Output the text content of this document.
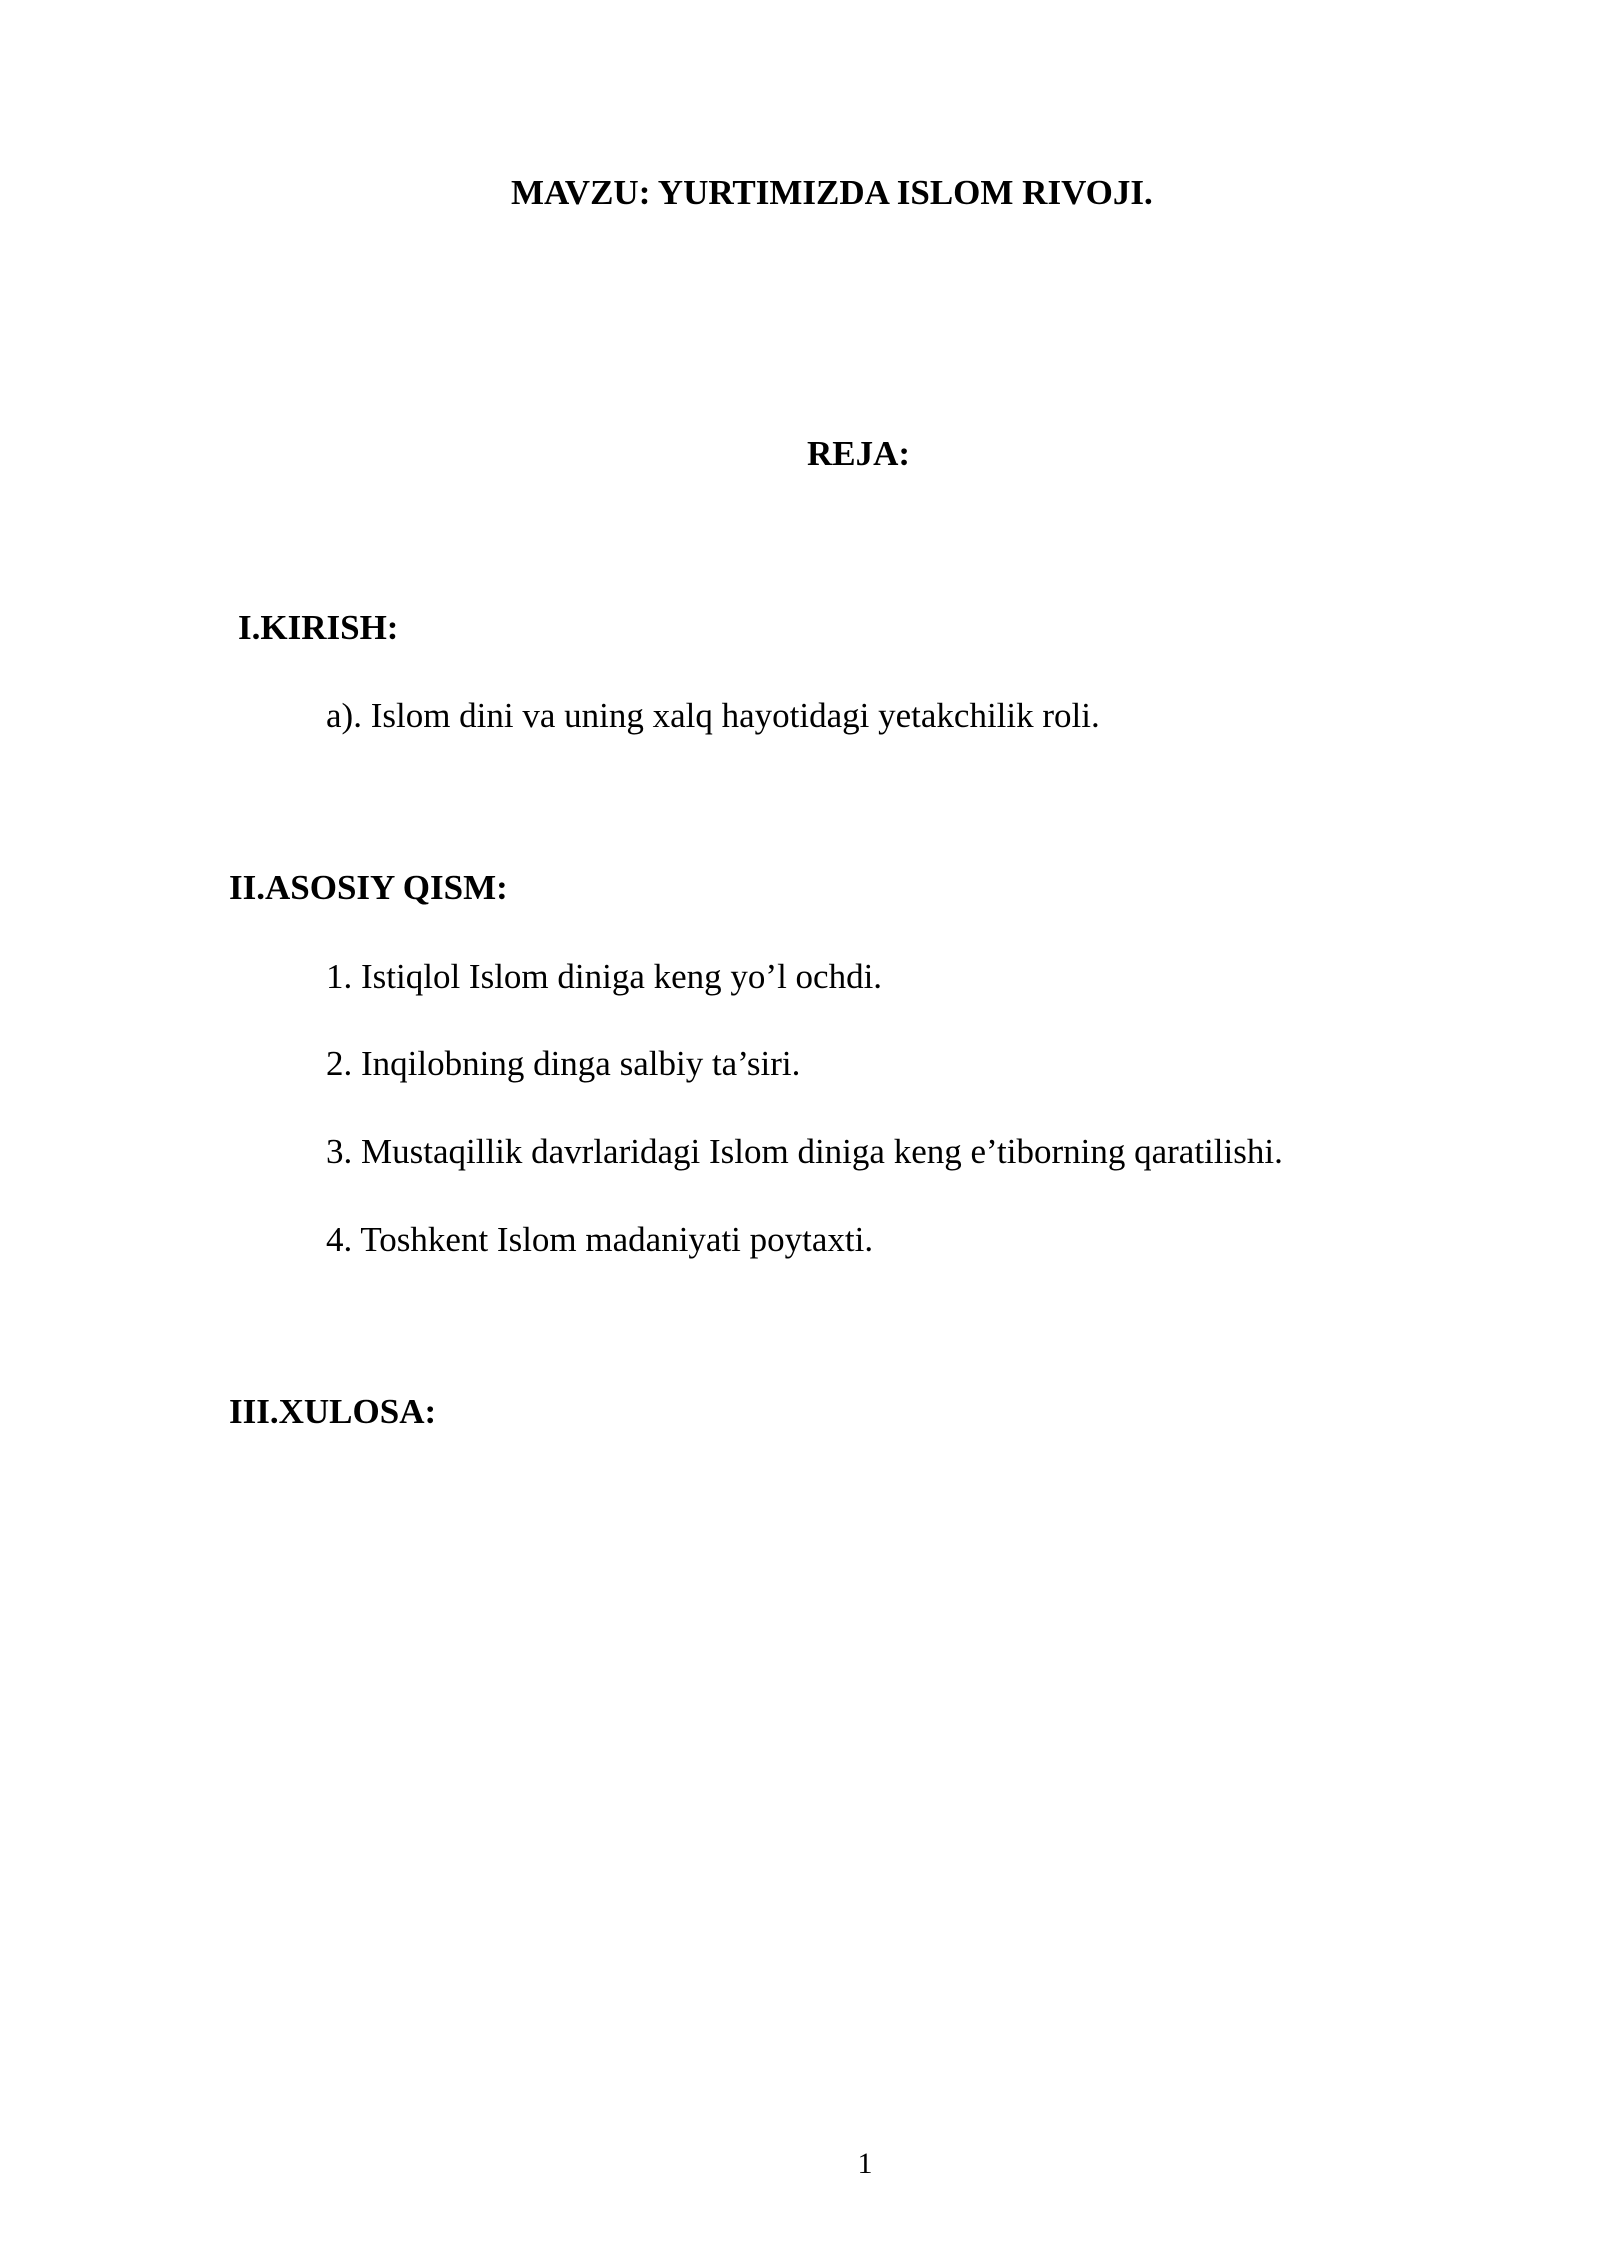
MAVZU: YURTIMIZDA ISLOM RIVOJI.
REJA:
I.KIRISH:
a). Islom dini va uning xalq hayotidagi yetakchilik roli.
II.ASOSIY QISM:
1. Istiqlol Islom diniga keng yo’l ochdi.
2. Inqilobning dinga salbiy ta’siri.
3. Mustaqillik davrlaridagi Islom diniga keng e’tiborning qaratilishi.
4. Toshkent Islom madaniyati poytaxti.
III.XULOSA:
1
